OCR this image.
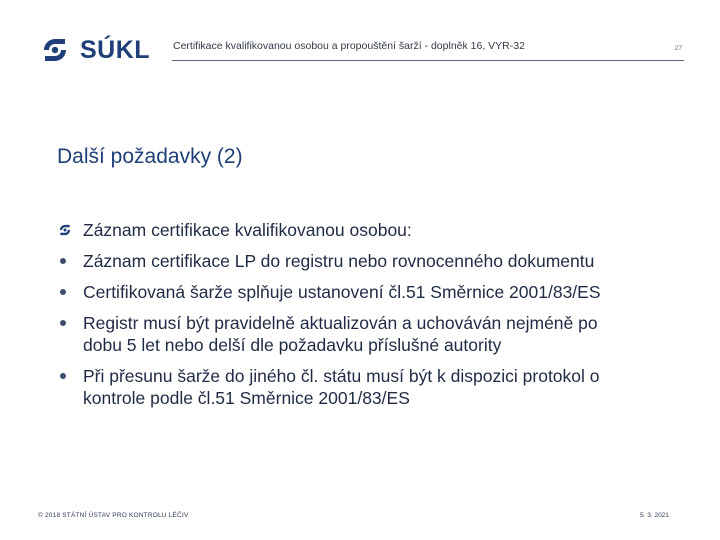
SÚKL Certifikace kvalifikovanou osobou a propouštění šarží - doplněk 16, VYR-32	27
Další požadavky (2)
Záznam certifikace kvalifikovanou osobou:
Záznam certifikace LP do registru nebo rovnocenného dokumentu
Certifikovaná šarže splňuje ustanovení čl.51 Směrnice 2001/83/ES
Registr musí být pravidelně aktualizován a uchováván nejméně po
dobu 5 let nebo delší dle požadavku příslušné autority
Při přesunu šarže do jiného čl. státu musí být k dispozici protokol o
kontrole podle čl.51 Směrnice 2001/83/ES
© 2018 STÁTNÍ ÚSTAV PRO KONTROLU LÉČIV	5. 3. 2021
